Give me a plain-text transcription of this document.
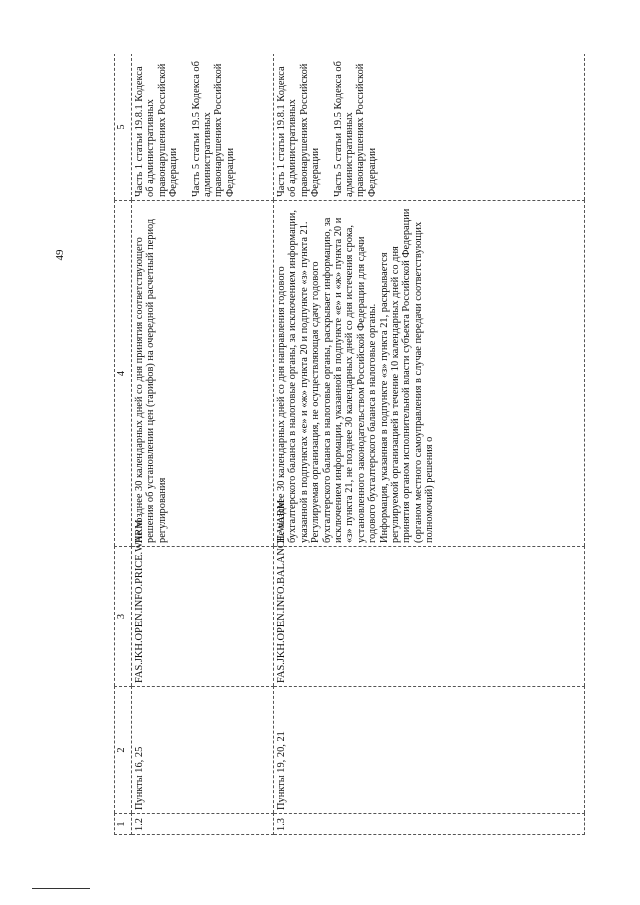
49
1	2	3	4	5
1.2	Пункты 16, 25	FAS.JKH.OPEN.INFO.PRICE.WARM	Не позднее 30 календарных дней со дня принятия соответствующего решения об установлении цен (тарифов) на очередной расчетный период регулирования	Часть 1 статьи 19.8.1 Кодекса об административных правонарушениях Российской Федерации Часть 5 статьи 19.5 Кодекса об административных правонарушениях Российской Федерации

1.3	Пункты 19, 20, 21	FAS.JKH.OPEN.INFO.BALANCE.WARM	Не позднее 30 календарных дней со дня направления годового бухгалтерского баланса в налоговые органы, за исключением информации, указанной в подпунктах «е» и «ж» пункта 20 и подпункте «з» пункта 21. Регулируемая организация, не осуществляющая сдачу годового бухгалтерского баланса в налоговые органы, раскрывает информацию, за исключением информации, указанной в подпункте «е» и «ж» пункта 20 и «з» пункта 21, не позднее 30 календарных дней со дня истечения срока, установленного законодательством Российской Федерации для сдачи годового бухгалтерского баланса в налоговые органы. Информация, указанная в подпункте «з» пункта 21, раскрывается регулируемой организацией в течение 10 календарных дней со дня принятия органом исполнительной власти субъекта Российской Федерации (органом местного самоуправления в случае передачи соответствующих полномочий) решения о	Часть 1 статьи 19.8.1 Кодекса об административных правонарушениях Российской Федерации Часть 5 статьи 19.5 Кодекса об административных правонарушениях Российской Федерации
